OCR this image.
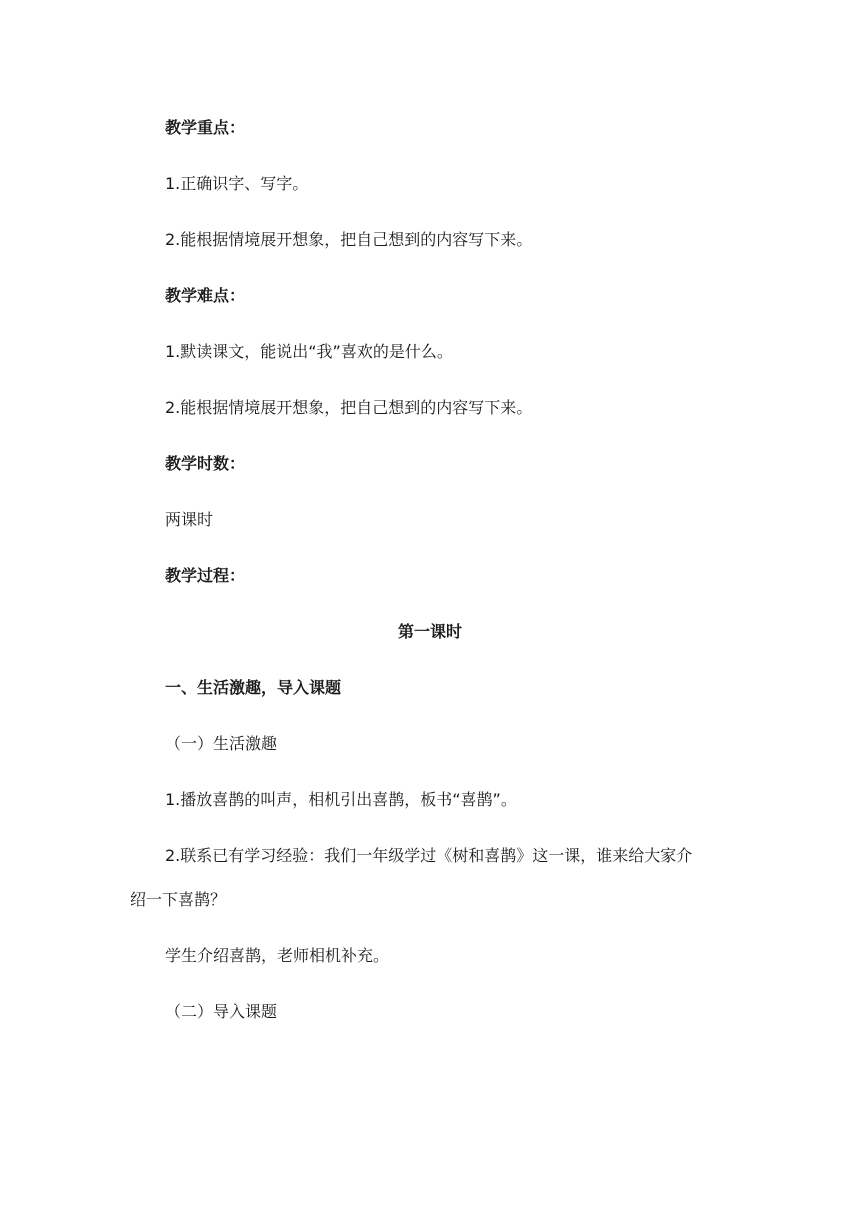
教学重点：
1.正确识字、写字。
2.能根据情境展开想象，把自己想到的内容写下来。
教学难点：
1.默读课文，能说出“我”喜欢的是什么。
2.能根据情境展开想象，把自己想到的内容写下来。
教学时数：
两课时
教学过程：
第一课时
一、生活激趣，导入课题
（一）生活激趣
1.播放喜鹊的叫声，相机引出喜鹊，板书“喜鹊”。
2.联系已有学习经验：我们一年级学过《树和喜鹊》这一课，谁来给大家介
绍一下喜鹊？
学生介绍喜鹊，老师相机补充。
（二）导入课题
